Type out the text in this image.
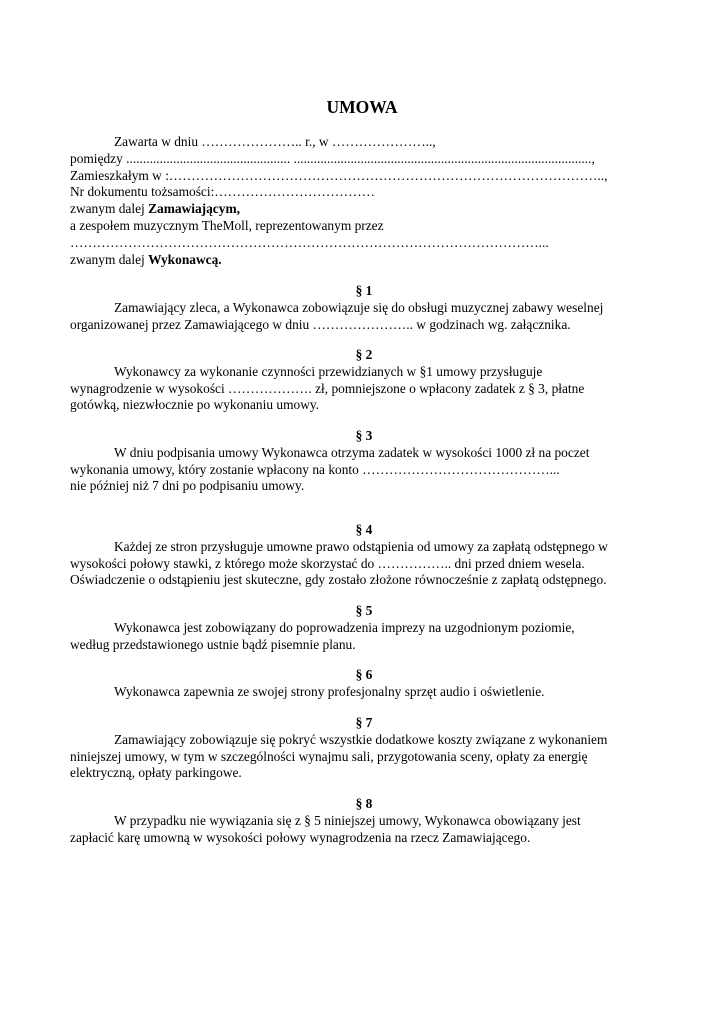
UMOWA
Zawarta w dniu ………………….. r., w …………………..,
pomiędzy ................................................. .........................................................................................,
Zamieszkałym w :……………………………………………………………………………………..,
Nr dokumentu tożsamości:………………………………
zwanym dalej Zamawiającym,
a zespołem muzycznym TheMoll, reprezentowanym przez
……………………………………………………………………………………………...
zwanym dalej Wykonawcą.
§ 1
Zamawiający zleca, a Wykonawca zobowiązuje się do obsługi muzycznej zabawy weselnej
organizowanej przez Zamawiającego w dniu ………………….. w godzinach wg. załącznika.
§ 2
Wykonawcy za wykonanie czynności przewidzianych w §1 umowy przysługuje
wynagrodzenie w wysokości ………………. zł, pomniejszone o wpłacony zadatek z § 3, płatne
gotówką, niezwłocznie po wykonaniu umowy.
§ 3
W dniu podpisania umowy Wykonawca otrzyma zadatek w wysokości 1000 zł na poczet
wykonania umowy, który zostanie wpłacony na konto ……………………………………...
nie później niż 7 dni po podpisaniu umowy.
§ 4
Każdej ze stron przysługuje umowne prawo odstąpienia od umowy za zapłatą odstępnego w
wysokości połowy stawki, z którego może skorzystać do …………….. dni przed dniem wesela.
Oświadczenie o odstąpieniu jest skuteczne, gdy zostało złożone równocześnie z zapłatą odstępnego.
§ 5
Wykonawca jest zobowiązany do poprowadzenia imprezy na uzgodnionym poziomie,
według przedstawionego ustnie bądź pisemnie planu.
§ 6
Wykonawca zapewnia ze swojej strony profesjonalny sprzęt audio i oświetlenie.
§ 7
Zamawiający zobowiązuje się pokryć wszystkie dodatkowe koszty związane z wykonaniem
niniejszej umowy, w tym w szczególności wynajmu sali, przygotowania sceny, opłaty za energię
elektryczną, opłaty parkingowe.
§ 8
W przypadku nie wywiązania się z § 5 niniejszej umowy, Wykonawca obowiązany jest
zapłacić karę umowną w wysokości połowy wynagrodzenia na rzecz Zamawiającego.
